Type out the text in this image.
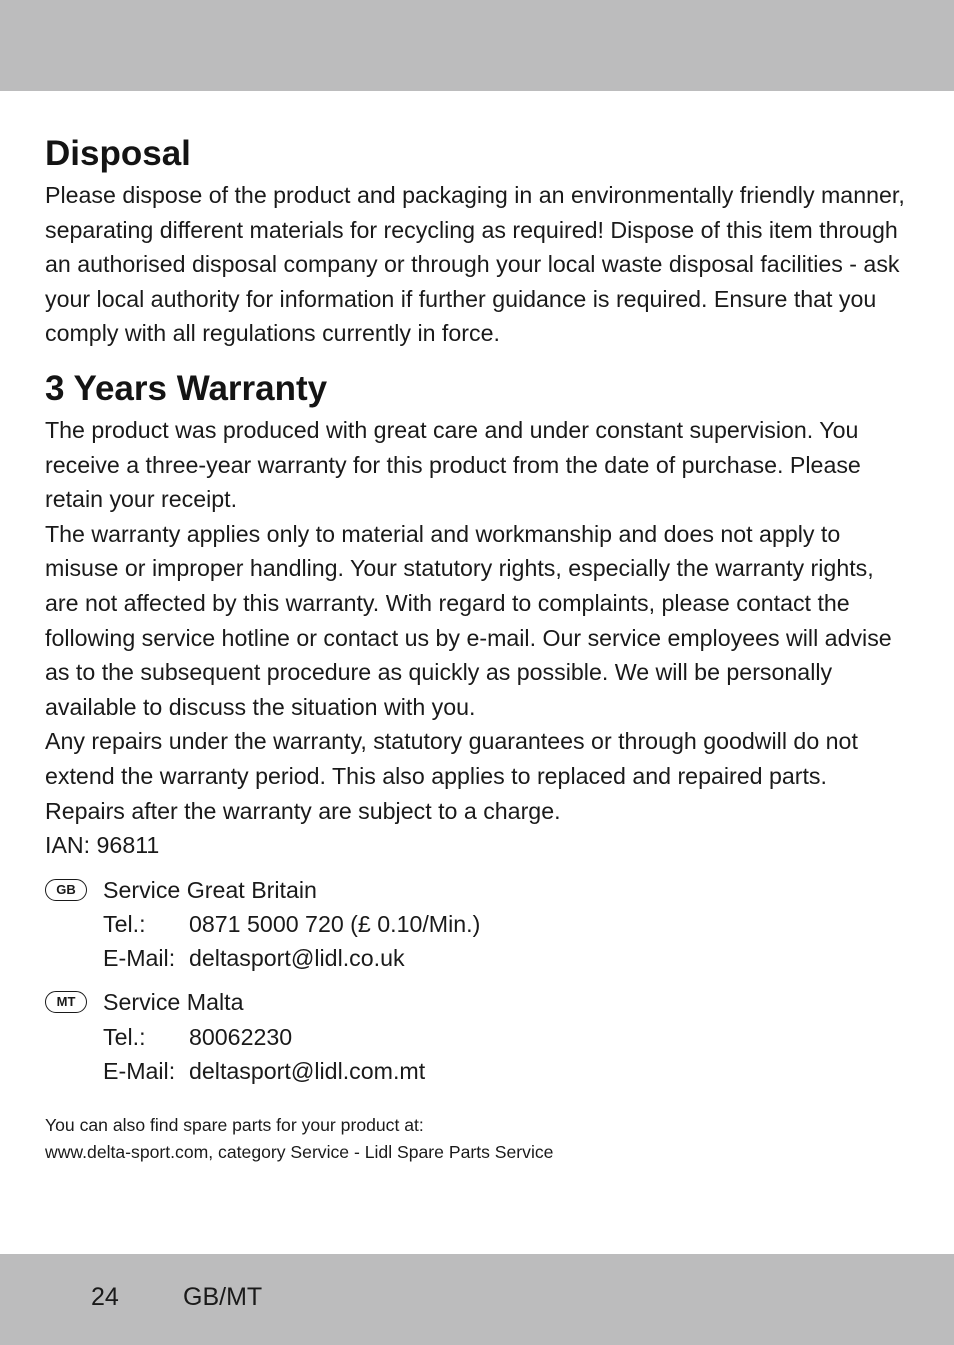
Disposal

Please dispose of the product and packaging in an environmentally friendly manner, separating different materials for recycling as required! Dispose of this item through an authorised disposal company or through your local waste disposal facilities - ask your local authority for information if further guidance is required. Ensure that you comply with all regulations currently in force.

3 Years Warranty

The product was produced with great care and under constant supervision. You receive a three-year warranty for this product from the date of purchase. Please retain your receipt.

The warranty applies only to material and workmanship and does not apply to misuse or improper handling. Your statutory rights, especially the warranty rights, are not affected by this warranty. With regard to complaints, please contact the following service hotline or contact us by e-mail. Our service employees will advise as to the subsequent procedure as quickly as possible. We will be personally available to discuss the situation with you.

Any repairs under the warranty, statutory guarantees or through goodwill do not extend the warranty period. This also applies to replaced and repaired parts. Repairs after the warranty are subject to a charge.

IAN: 96811

GB	Service Great Britain
Tel.:	0871 5000 720 (£ 0.10/Min.)
E-Mail: deltasport@lidl.co.uk
MT	Service Malta
Tel.:	80062230
E-Mail: deltasport@lidl.com.mt
You can also find spare parts for your product at:
www.delta-sport.com, category Service - Lidl Spare Parts Service
24	GB/MT
